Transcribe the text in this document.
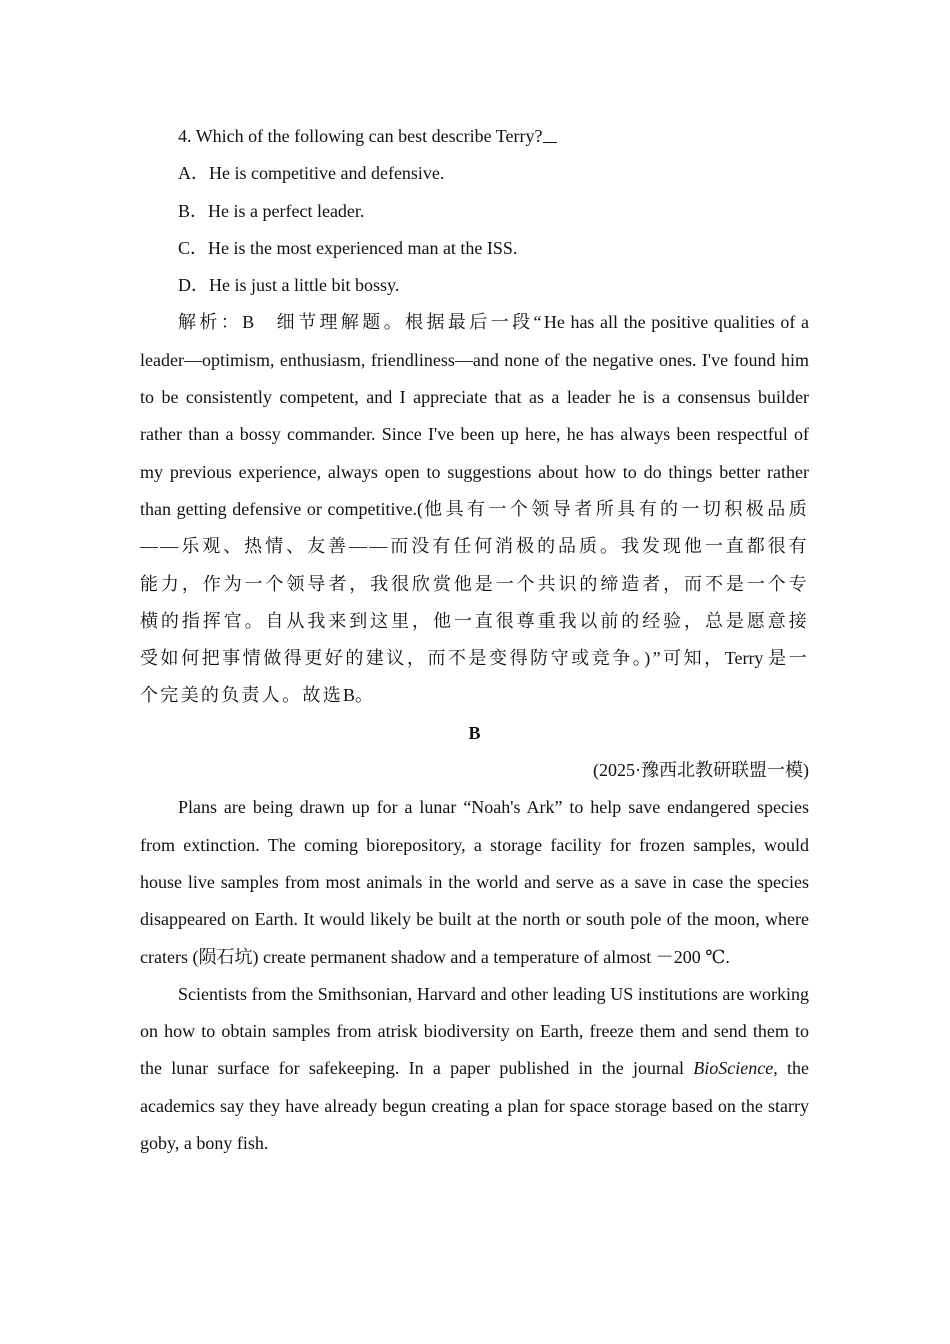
4. Which of the following can best describe Terry?

A．He is competitive and defensive.

B．He is a perfect leader.

C．He is the most experienced man at the ISS.

D．He is just a little bit bossy.

解析：B 细节理解题。根据最后一段“He has all the positive qualities of a leader—optimism, enthusiasm, friendliness—and none of the negative ones. I've found him to be consistently competent, and I appreciate that as a leader he is a consensus builder rather than a bossy commander. Since I've been up here, he has always been respectful of my previous experience, always open to suggestions about how to do things better rather than getting defensive or competitive.(他具有一个领导者所具有的一切积极品质——乐观、热情、友善——而没有任何消极的品质。我发现他一直都很有能力，作为一个领导者，我很欣赏他是一个共识的缔造者，而不是一个专横的指挥官。自从我来到这里，他一直很尊重我以前的经验，总是愿意接受如何把事情做得更好的建议，而不是变得防守或竞争。)”可知，Terry 是一个完美的负责人。故选B。

B

(2025·豫西北教研联盟一模)

Plans are being drawn up for a lunar “Noah's Ark” to help save endangered species from extinction. The coming biorepository, a storage facility for frozen samples, would house live samples from most animals in the world and serve as a save in case the species disappeared on Earth. It would likely be built at the north or south pole of the moon, where craters (陨石坑) create permanent shadow and a temperature of almost －200 ℃.

Scientists from the Smithsonian, Harvard and other leading US institutions are working on how to obtain samples from atrisk biodiversity on Earth, freeze them and send them to the lunar surface for safekeeping. In a paper published in the journal BioScience, the academics say they have already begun creating a plan for space storage based on the starry goby, a bony fish.
